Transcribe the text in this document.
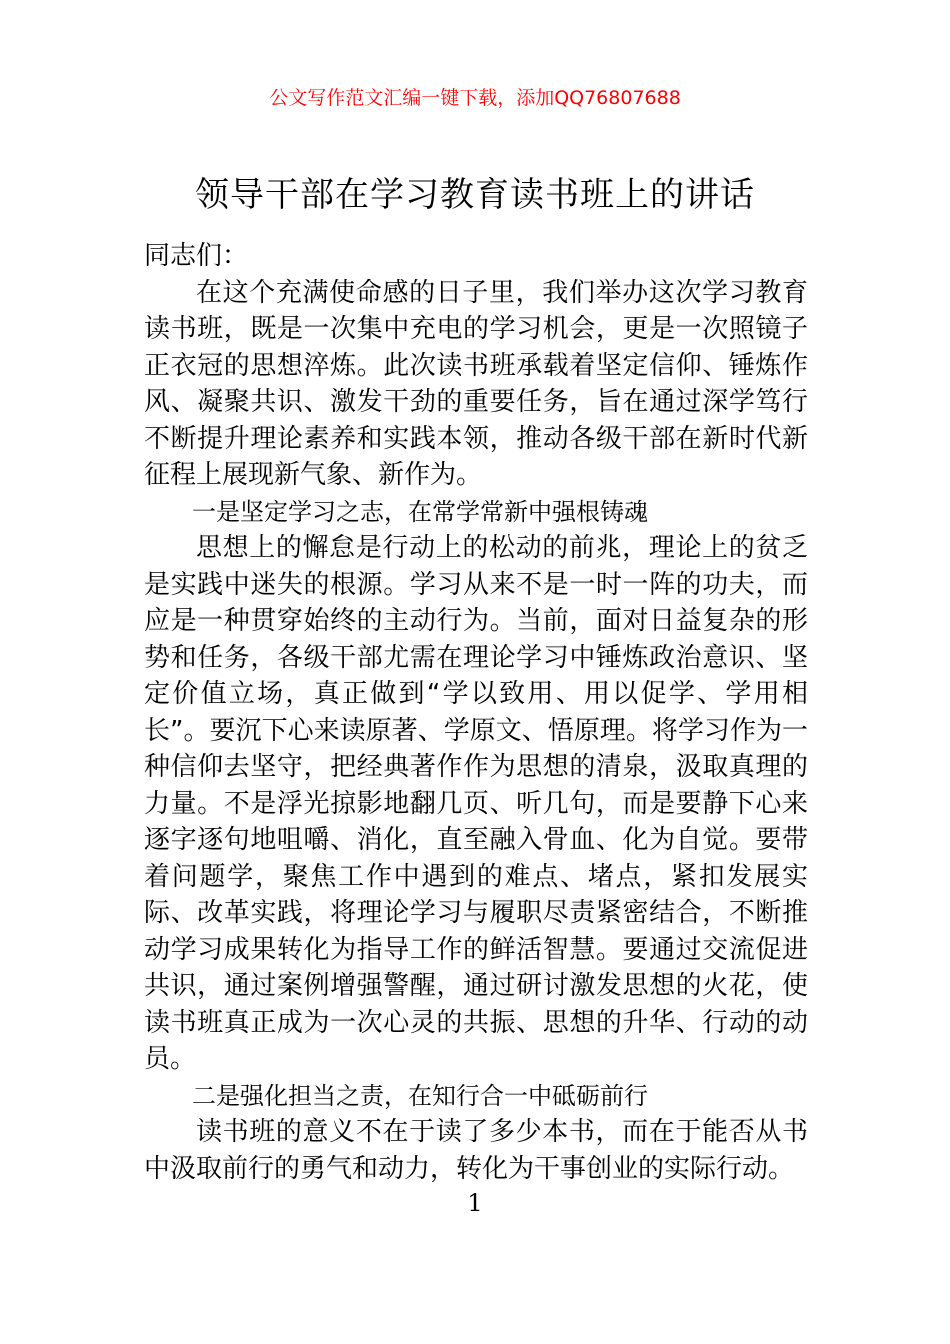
公文写作范文汇编一键下载，添加QQ76807688
领导干部在学习教育读书班上的讲话

同志们：

在这个充满使命感的日子里，我们举办这次学习教育读书班，既是一次集中充电的学习机会，更是一次照镜子正衣冠的思想淬炼。此次读书班承载着坚定信仰、锤炼作风、凝聚共识、激发干劲的重要任务，旨在通过深学笃行不断提升理论素养和实践本领，推动各级干部在新时代新征程上展现新气象、新作为。

一是坚定学习之志，在常学常新中强根铸魂

思想上的懈怠是行动上的松动的前兆，理论上的贫乏是实践中迷失的根源。学习从来不是一时一阵的功夫，而应是一种贯穿始终的主动行为。当前，面对日益复杂的形势和任务，各级干部尤需在理论学习中锤炼政治意识、坚定价值立场，真正做到“学以致用、用以促学、学用相长”。要沉下心来读原著、学原文、悟原理。将学习作为一种信仰去坚守，把经典著作作为思想的清泉，汲取真理的力量。不是浮光掠影地翻几页、听几句，而是要静下心来逐字逐句地咀嚼、消化，直至融入骨血、化为自觉。要带着问题学，聚焦工作中遇到的难点、堵点，紧扣发展实际、改革实践，将理论学习与履职尽责紧密结合，不断推动学习成果转化为指导工作的鲜活智慧。要通过交流促进共识，通过案例增强警醒，通过研讨激发思想的火花，使读书班真正成为一次心灵的共振、思想的升华、行动的动员。

二是强化担当之责，在知行合一中砥砺前行

读书班的意义不在于读了多少本书，而在于能否从书中汲取前行的勇气和动力，转化为干事创业的实际行动。

1
